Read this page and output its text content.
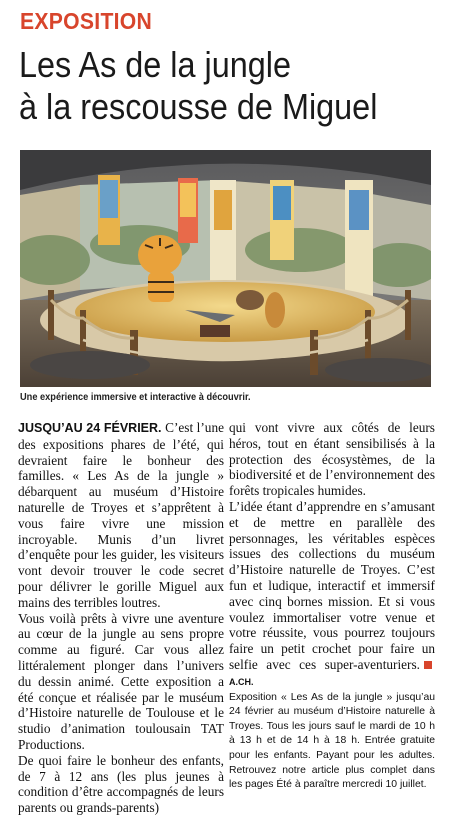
EXPOSITION
Les As de la jungle
à la rescousse de Miguel
Une expérience immersive et interactive à découvrir.

JUSQU’AU 24 FÉVRIER. C’est l’une des expositions phares de l’été, qui devraient faire le bonheur des familles. « Les As de la jungle » débarquent au muséum d’Histoire naturelle de Troyes et s’apprêtent à vous faire vivre une mission incroyable. Munis d’un livret d’enquête pour les guider, les visiteurs vont devoir trouver le code secret pour délivrer le gorille Miguel aux mains des terribles loutres.

Vous voilà prêts à vivre une aventure au cœur de la jungle au sens propre comme au figuré. Car vous allez littéralement plonger dans l’univers du dessin animé. Cette exposition a été conçue et réalisée par le muséum d’Histoire naturelle de Toulouse et le studio d’animation toulousain TAT Productions.

De quoi faire le bonheur des enfants, de 7 à 12 ans (les plus jeunes à condition d’être accompagnés de leurs parents ou grands-parents)

qui vont vivre aux côtés de leurs héros, tout en étant sensibilisés à la protection des écosystèmes, de la biodiversité et de l’environnement des forêts tropicales humides.

L’idée étant d’apprendre en s’amusant et de mettre en parallèle des personnages, les véritables espèces issues des collections du muséum d’Histoire naturelle de Troyes. C’est fun et ludique, interactif et immersif avec cinq bornes mission. Et si vous voulez immortaliser votre venue et votre réussite, vous pourrez toujours faire un petit crochet pour faire un selfie avec ces super-aventuriers.A.CH.

Exposition « Les As de la jungle » jusqu’au 24 février au muséum d’Histoire naturelle à Troyes. Tous les jours sauf le mardi de 10 h à 13 h et de 14 h à 18 h. Entrée gratuite pour les enfants. Payant pour les adultes. Retrouvez notre article plus complet dans les pages Été à paraître mercredi 10 juillet.
